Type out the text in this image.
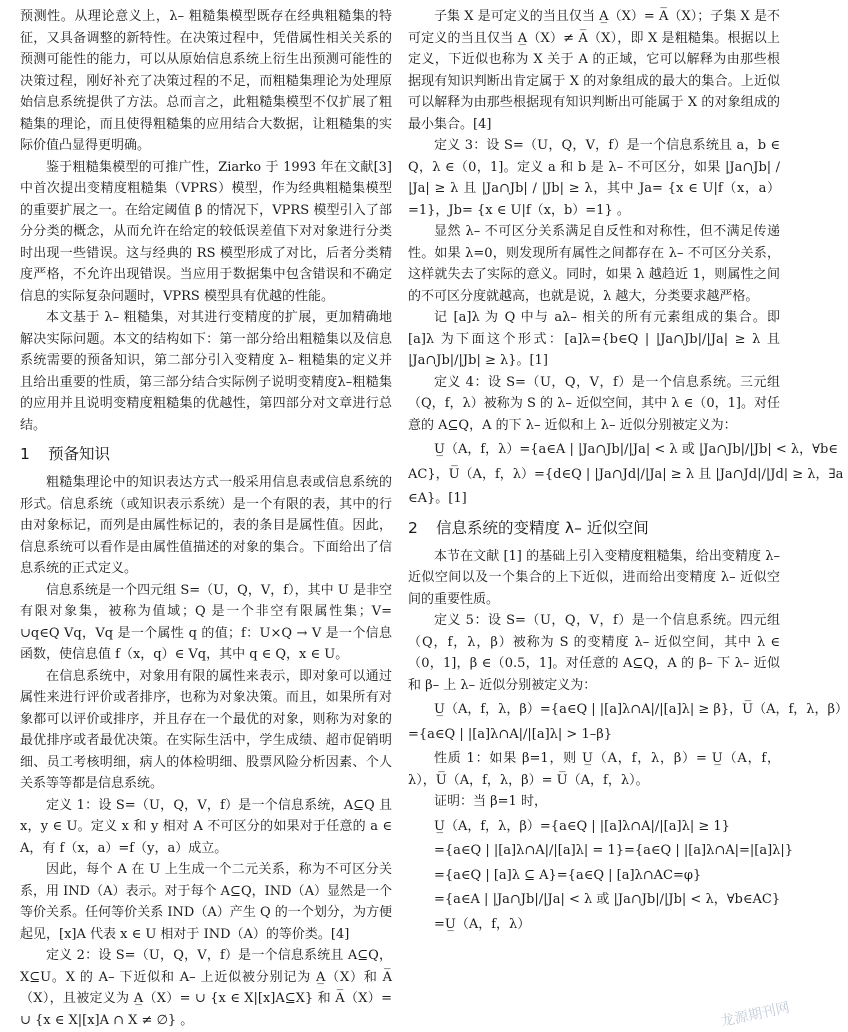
预测性。从理论意义上，λ– 粗糙集模型既存在经典粗糙集的特征，又具备调整的新特性。在决策过程中，凭借属性相关关系的预测可能性的能力，可以从原始信息系统上衍生出预测可能性的决策过程，刚好补充了决策过程的不足，而粗糙集理论为处理原始信息系统提供了方法。总而言之，此粗糙集模型不仅扩展了粗糙集的理论，而且使得粗糙集的应用结合大数据，让粗糙集的实际价值凸显得更明确。

鉴于粗糙集模型的可推广性，Ziarko 于 1993 年在文献[3] 中首次提出变精度粗糙集（VPRS）模型，作为经典粗糙集模型的重要扩展之一。在给定阈值 β 的情况下，VPRS 模型引入了部分分类的概念，从而允许在给定的较低误差值下对对象进行分类时出现一些错误。这与经典的 RS 模型形成了对比，后者分类精度严格，不允许出现错误。当应用于数据集中包含错误和不确定信息的实际复杂问题时，VPRS 模型具有优越的性能。

本文基于 λ– 粗糙集，对其进行变精度的扩展，更加精确地解决实际问题。本文的结构如下：第一部分给出粗糙集以及信息系统需要的预备知识，第二部分引入变精度 λ– 粗糙集的定义并且给出重要的性质，第三部分结合实际例子说明变精度λ–粗糙集的应用并且说明变精度粗糙集的优越性，第四部分对文章进行总结。

1 预备知识

粗糙集理论中的知识表达方式一般采用信息表或信息系统的形式。信息系统（或知识表示系统）是一个有限的表，其中的行由对象标记，而列是由属性标记的，表的条目是属性值。因此，信息系统可以看作是由属性值描述的对象的集合。下面给出了信息系统的正式定义。

信息系统是一个四元组 S=（U，Q，V，f），其中 U 是非空有限对象集，被称为值域；Q 是一个非空有限属性集；V= ∪q∈Q Vq，Vq 是一个属性 q 的值；f：U×Q → V 是一个信息函数，使信息值 f（x，q）∈ Vq，其中 q ∈ Q，x ∈ U。

在信息系统中，对象用有限的属性来表示，即对象可以通过属性来进行评价或者排序，也称为对象决策。而且，如果所有对象都可以评价或排序，并且存在一个最优的对象，则称为对象的最优排序或者最优决策。在实际生活中，学生成绩、超市促销明细、员工考核明细，病人的体检明细、股票风险分析因素、个人关系等等都是信息系统。

定义 1：设 S=（U，Q，V，f）是一个信息系统，A⊆Q 且 x，y ∈ U。定义 x 和 y 相对 A 不可区分的如果对于任意的 a ∈ A，有 f（x，a）=f（y，a）成立。

因此，每个 A 在 U 上生成一个二元关系，称为不可区分关系，用 IND（A）表示。对于每个 A⊆Q，IND（A）显然是一个等价关系。任何等价关系 IND（A）产生 Q 的一个划分，为方便起见，[x]A 代表 x ∈ U 相对于 IND（A）的等价类。[4]

定义 2：设 S=（U，Q，V，f）是一个信息系统且 A⊆Q，X⊆U。X 的 A– 下近似和 A– 上近似被分别记为 A̲（X）和 A̅（X），且被定义为 A̲（X）= ∪ {x ∈ X|[x]A⊆X} 和 A̅（X）= ∪ {x ∈ X|[x]A ∩ X ≠ ∅} 。

子集 X 是可定义的当且仅当 A̲（X）= A̅（X）；子集 X 是不可定义的当且仅当 A̲（X）≠ A̅（X），即 X 是粗糙集。根据以上定义，下近似也称为 X 关于 A 的正域，它可以解释为由那些根据现有知识判断出肯定属于 X 的对象组成的最大的集合。上近似可以解释为由那些根据现有知识判断出可能属于 X 的对象组成的最小集合。[4]

定义 3：设 S=（U，Q，V，f）是一个信息系统且 a，b ∈ Q，λ ∈（0，1]。定义 a 和 b 是 λ– 不可区分，如果 |Ja∩Jb| / |Ja| ≥ λ 且 |Ja∩Jb| / |Jb| ≥ λ，其中 Ja= {x ∈ U|f（x，a）=1}，Jb= {x ∈ U|f（x，b）=1} 。

显然 λ– 不可区分关系满足自反性和对称性，但不满足传递性。如果 λ=0，则发现所有属性之间都存在 λ– 不可区分关系，这样就失去了实际的意义。同时，如果 λ 越趋近 1，则属性之间的不可区分度就越高，也就是说，λ 越大，分类要求越严格。

记 [a]λ 为 Q 中与 aλ– 相关的所有元素组成的集合。即 [a]λ 为下面这个形式：[a]λ={b∈Q | |Ja∩Jb|/|Ja| ≥ λ 且 |Ja∩Jb|/|Jb| ≥ λ}。[1]

定义 4：设 S=（U，Q，V，f）是一个信息系统。三元组（Q，f，λ）被称为 S 的 λ– 近似空间，其中 λ ∈（0，1]。对任意的 A⊆Q，A 的下 λ– 近似和上 λ– 近似分别被定义为：

U̲（A，f，λ）={a∈A | |Ja∩Jb|/|Ja| < λ 或 |Ja∩Jb|/|Jb| < λ，∀b∈
AC}，U̅（A，f，λ）={d∈Q | |Ja∩Jd|/|Ja| ≥ λ 且 |Ja∩Jd|/|Jd| ≥ λ，∃a
∈A}。[1]
2 信息系统的变精度 λ– 近似空间

本节在文献 [1] 的基础上引入变精度粗糙集，给出变精度 λ– 近似空间以及一个集合的上下近似，进而给出变精度 λ– 近似空间的重要性质。

定义 5：设 S=（U，Q，V，f）是一个信息系统。四元组（Q，f，λ，β）被称为 S 的变精度 λ– 近似空间，其中 λ ∈（0，1]，β ∈（0.5，1]。对任意的 A⊆Q，A 的 β– 下 λ– 近似和 β– 上 λ– 近似分别被定义为：

U̲（A，f，λ，β）={a∈Q | |[a]λ∩A|/|[a]λ| ≥ β}，U̅（A，f，λ，β）
={a∈Q | |[a]λ∩A|/|[a]λ| > 1–β}

性质 1：如果 β=1，则 U̲（A，f，λ，β）= U̲（A，f，λ），U̅（A，f，λ，β）= U̅（A，f，λ）。

证明：当 β=1 时，

U̲（A，f，λ，β）={a∈Q | |[a]λ∩A|/|[a]λ| ≥ 1}
={a∈Q | |[a]λ∩A|/|[a]λ| = 1}={a∈Q | |[a]λ∩A|=|[a]λ|}
={a∈Q | [a]λ ⊆ A}={a∈Q | [a]λ∩AC=φ}
={a∈A | |Ja∩Jb|/|Ja| < λ 或 |Ja∩Jb|/|Jb| < λ，∀b∈AC}
=U̲（A，f，λ）
龙源期刊网
